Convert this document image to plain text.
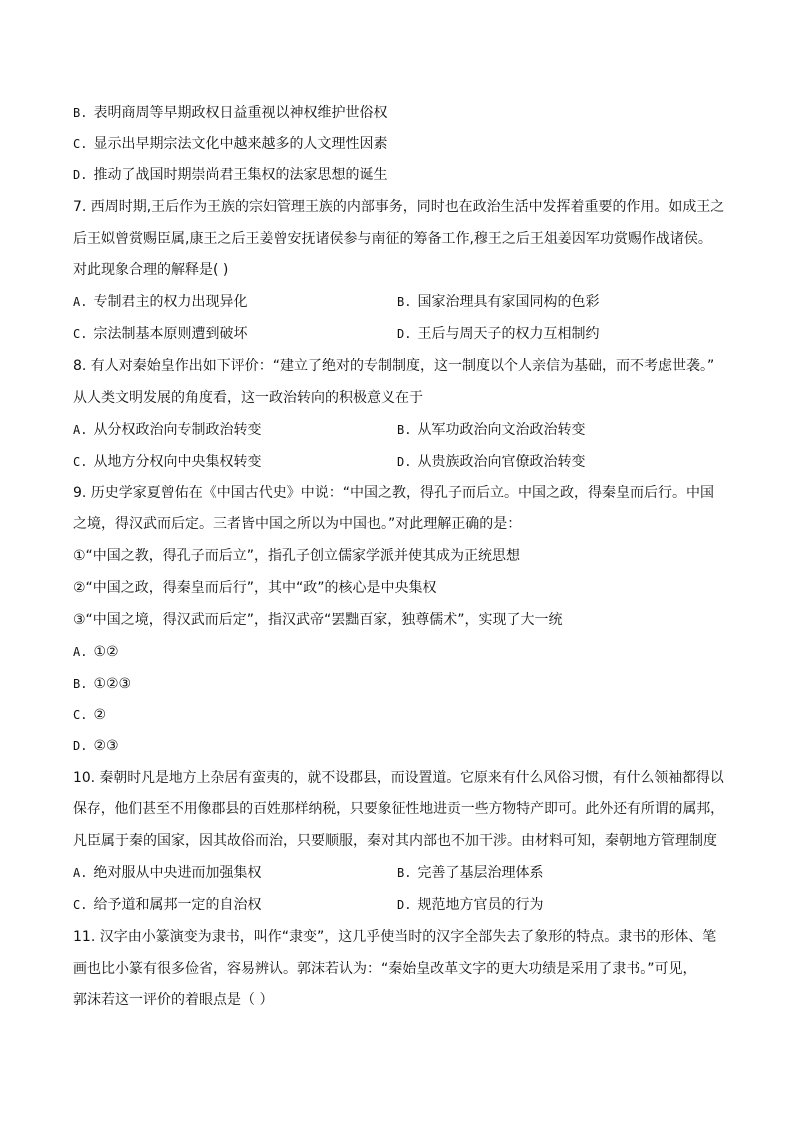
B. 表明商周等早期政权日益重视以神权维护世俗权
C. 显示出早期宗法文化中越来越多的人文理性因素
D. 推动了战国时期崇尚君王集权的法家思想的诞生
7. 西周时期,王后作为王族的宗妇管理王族的内部事务，同时也在政治生活中发挥着重要的作用。如成王之
后王姒曾赏赐臣属,康王之后王姜曾安抚诸侯参与南征的筹备工作,穆王之后王俎姜因军功赏赐作战诸侯。
对此现象合理的解释是( )
A. 专制君主的权力出现异化	B. 国家治理具有家国同构的色彩
C. 宗法制基本原则遭到破坏	D. 王后与周天子的权力互相制约
8. 有人对秦始皇作出如下评价：“建立了绝对的专制制度，这一制度以个人亲信为基础，而不考虑世袭。”
从人类文明发展的角度看，这一政治转向的积极意义在于
A. 从分权政治向专制政治转变	B. 从军功政治向文治政治转变
C. 从地方分权向中央集权转变	D. 从贵族政治向官僚政治转变
9. 历史学家夏曾佑在《中国古代史》中说：“中国之教，得孔子而后立。中国之政，得秦皇而后行。中国
之境，得汉武而后定。三者皆中国之所以为中国也。”对此理解正确的是：
①“中国之教，得孔子而后立”，指孔子创立儒家学派并使其成为正统思想
②“中国之政，得秦皇而后行”，其中“政”的核心是中央集权
③“中国之境，得汉武而后定”，指汉武帝“罢黜百家，独尊儒术”，实现了大一统
A. ①②
B. ①②③
C. ②
D. ②③
10. 秦朝时凡是地方上杂居有蛮夷的，就不设郡县，而设置道。它原来有什么风俗习惯，有什么领袖都得以
保存，他们甚至不用像郡县的百姓那样纳税，只要象征性地进贡一些方物特产即可。此外还有所谓的属邦，
凡臣属于秦的国家，因其故俗而治，只要顺服，秦对其内部也不加干涉。由材料可知，秦朝地方管理制度
A. 绝对服从中央进而加强集权	B. 完善了基层治理体系
C. 给予道和属邦一定的自治权	D. 规范地方官员的行为
11. 汉字由小篆演变为隶书，叫作“隶变”，这几乎使当时的汉字全部失去了象形的特点。隶书的形体、笔
画也比小篆有很多俭省，容易辨认。郭沫若认为：“秦始皇改革文字的更大功绩是采用了隶书。”可见，
郭沫若这一评价的着眼点是（ ）
